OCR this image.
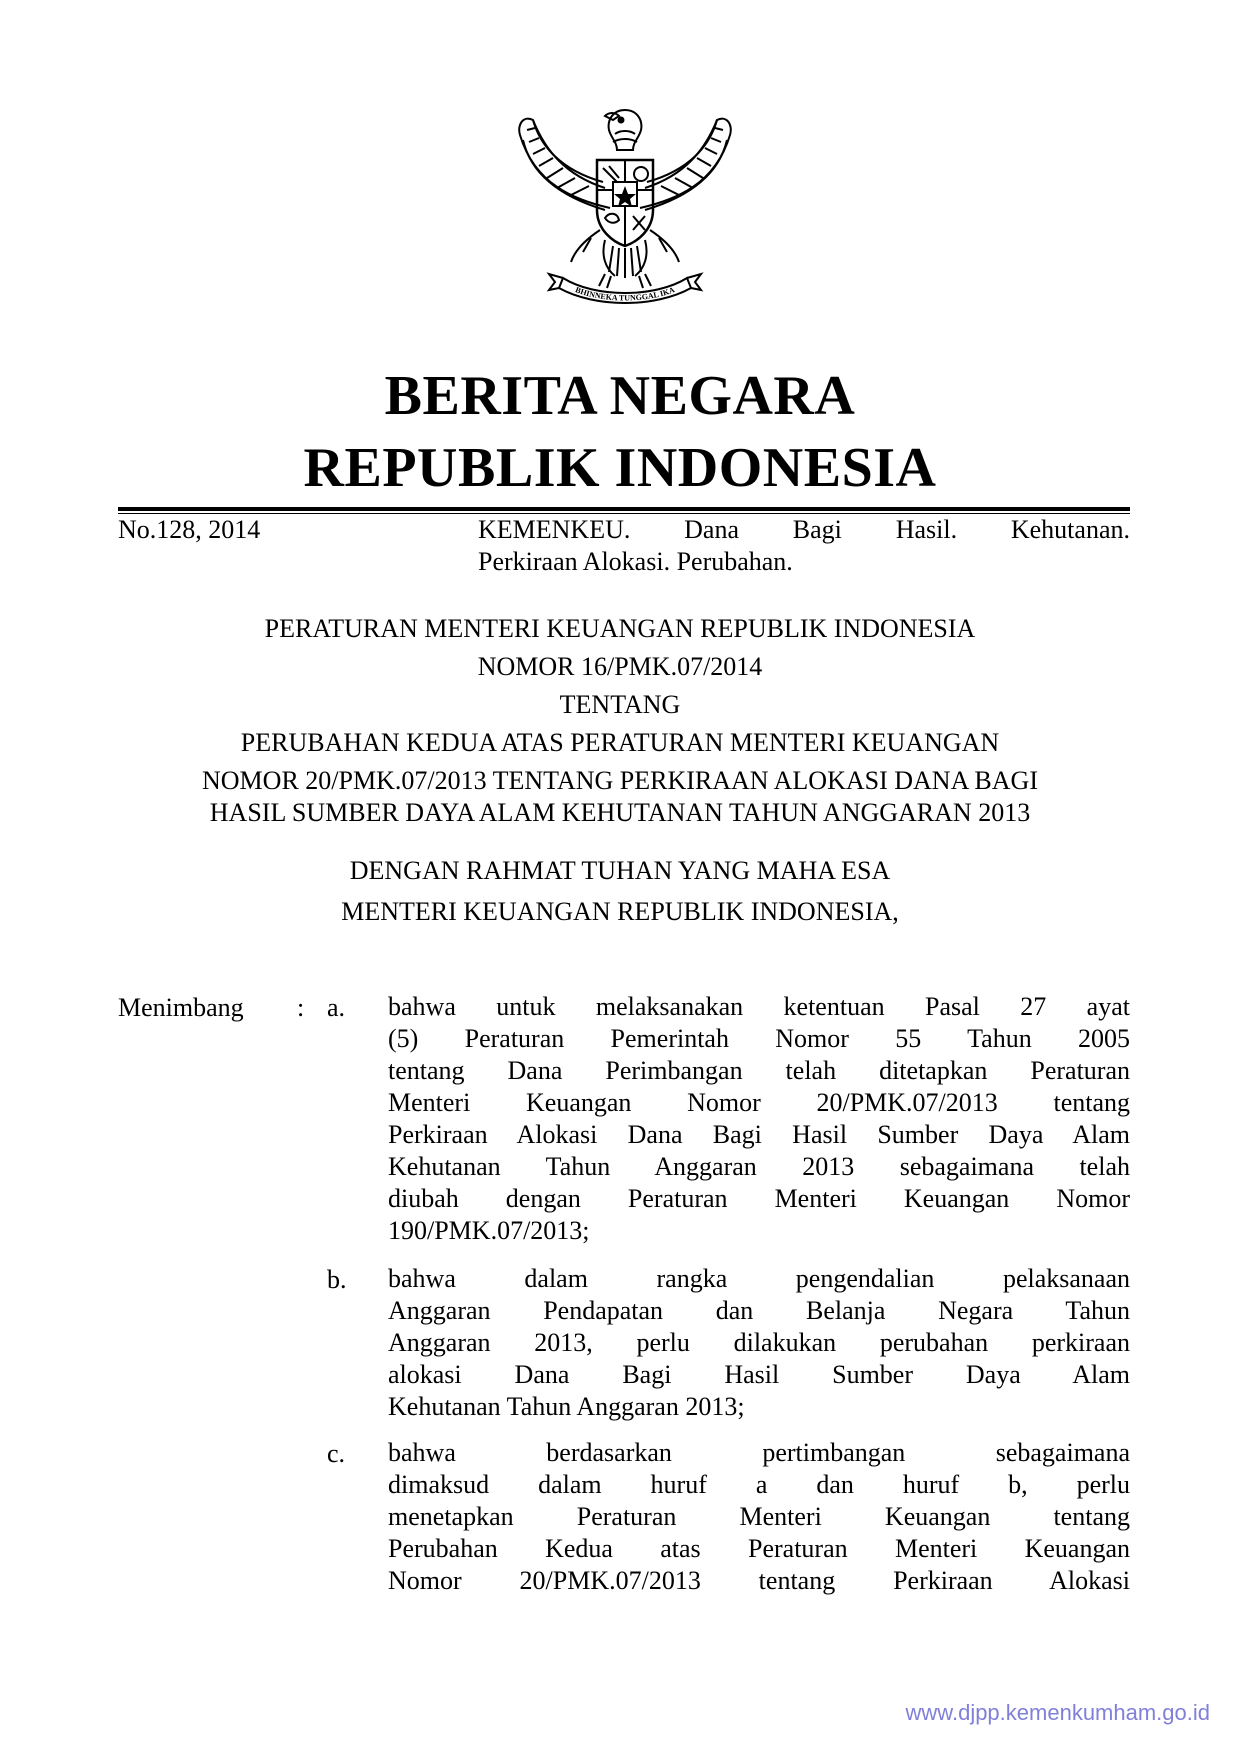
BHINNEKA TUNGGAL IKA
BERITA NEGARA
REPUBLIK INDONESIA
No.128, 2014	KEMENKEU. Dana Bagi Hasil. Kehutanan.
Perkiraan Alokasi. Perubahan.
PERATURAN MENTERI KEUANGAN REPUBLIK INDONESIA
NOMOR 16/PMK.07/2014
TENTANG
PERUBAHAN KEDUA ATAS PERATURAN MENTERI KEUANGAN
NOMOR 20/PMK.07/2013 TENTANG PERKIRAAN ALOKASI DANA BAGI
HASIL SUMBER DAYA ALAM KEHUTANAN TAHUN ANGGARAN 2013
DENGAN RAHMAT TUHAN YANG MAHA ESA
MENTERI KEUANGAN REPUBLIK INDONESIA,
Menimbang : a. bahwa untuk melaksanakan ketentuan Pasal 27 ayat
(5) Peraturan Pemerintah Nomor 55 Tahun 2005
tentang Dana Perimbangan telah ditetapkan Peraturan
Menteri Keuangan Nomor 20/PMK.07/2013 tentang
Perkiraan Alokasi Dana Bagi Hasil Sumber Daya Alam
Kehutanan Tahun Anggaran 2013 sebagaimana telah
diubah dengan Peraturan Menteri Keuangan Nomor
190/PMK.07/2013;
b. bahwa dalam rangka pengendalian pelaksanaan
Anggaran Pendapatan dan Belanja Negara Tahun
Anggaran 2013, perlu dilakukan perubahan perkiraan
alokasi Dana Bagi Hasil Sumber Daya Alam
Kehutanan Tahun Anggaran 2013;
c. bahwa berdasarkan pertimbangan sebagaimana
dimaksud dalam huruf a dan huruf b, perlu
menetapkan Peraturan Menteri Keuangan tentang
Perubahan Kedua atas Peraturan Menteri Keuangan
Nomor 20/PMK.07/2013 tentang Perkiraan Alokasi
www.djpp.kemenkumham.go.id
